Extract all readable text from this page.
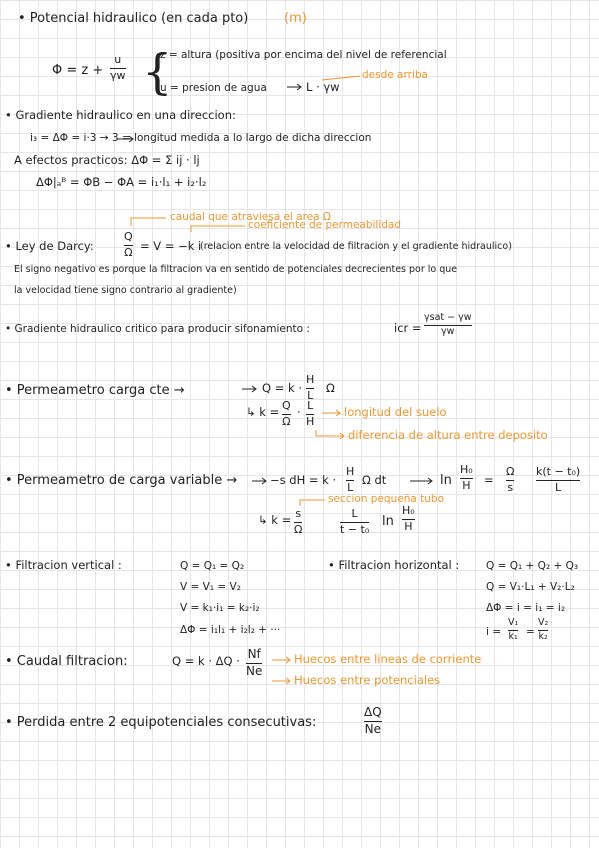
• Potencial hidraulico (en cada pto)	(m)
Φ = z +
u
γw {
z = altura (positiva por encima del nivel de referencial
desde arriba
u = presion de agua	L · γw
• Gradiente hidraulico en una direccion:
i₃ = ΔΦ = i·3 → 3 = longitud medida a lo largo de dicha direccion
A efectos practicos: ΔΦ = Σ ij · lj
ΔΦ|ₐᴮ = ΦB − ΦA = i₁·l₁ + i₂·l₂
caudal que atraviesa el area Ω
coeficiente de permeabilidad
• Ley de Darcy:
Q
Ω = V = −k i
(relacion entre la velocidad de filtracion y el gradiente hidraulico)
El signo negativo es porque la filtracion va en sentido de potenciales decrecientes por lo que
la velocidad tiene signo contrario al gradiente)
• Gradiente hidraulico critico para producir sifonamiento :	icr =
γsat − γw
γw
• Permeametro carga cte →	Q = k ·
H
L
Ω
↳ k = Q
Ω
· L
H
longitud del suelo
diferencia de altura entre deposito
• Permeametro de carga variable →	−s dH = k ·
H
L
Ω dt	ln
H₀
H =
Ω
s
k(t − t₀)
L
seccion pequeña tubo
↳ k = s
Ω
L
t − t₀
ln
H₀
H
• Filtracion vertical :	Q = Q₁ = Q₂
V = V₁ = V₂
V = k₁·i₁ = k₂·i₂
ΔΦ = i₁l₁ + i₂l₂ + ···
• Filtracion horizontal :	Q = Q₁ + Q₂ + Q₃
Q = V₁·L₁ + V₂·L₂
ΔΦ = i = i₁ = i₂
i =
V₁
k₁ =
V₂
k₂
• Caudal filtracion:	Q = k · ΔQ · Nf
Ne
Huecos entre lineas de corriente
Huecos entre potenciales
• Perdida entre 2 equipotenciales consecutivas:
ΔQ
Ne
